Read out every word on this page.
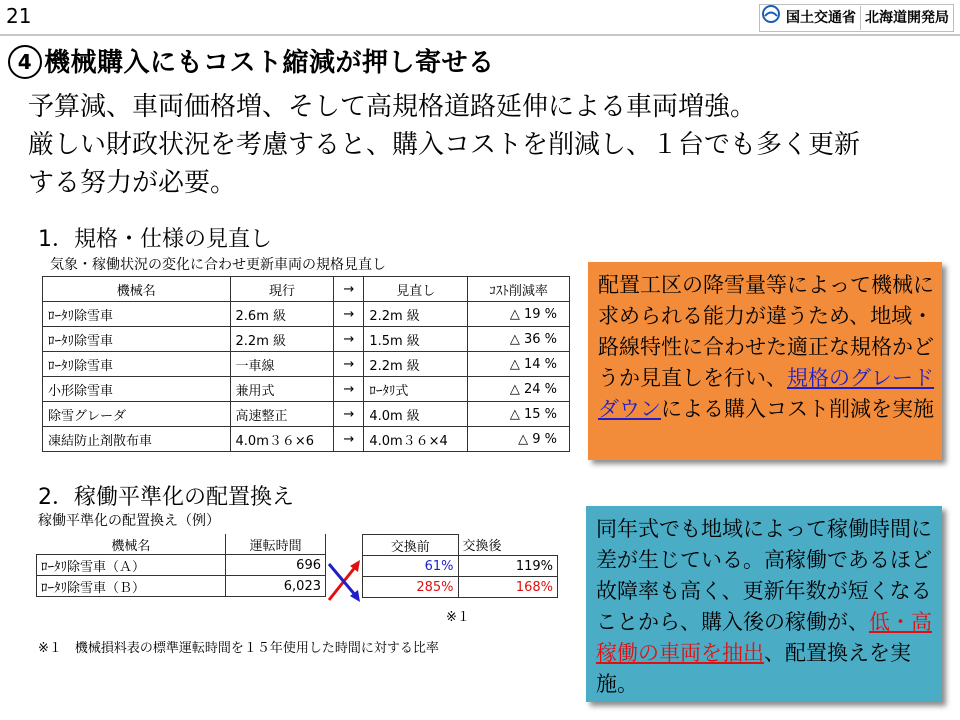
21	国土交通省 北海道開発局
4 機械購入にもコスト縮減が押し寄せる
予算減、車両価格増、そして高規格道路延伸による車両増強。
厳しい財政状況を考慮すると、購入コストを削減し、１台でも多く更新
する努力が必要。
1．規格・仕様の見直し
気象・稼働状況の変化に合わせ更新車両の規格見直し
機械名	現行	→	見直し	ｺｽﾄ削減率
ﾛｰﾀﾘ除雪車	2.6m 級	→	2.2m 級	△ 19 %
ﾛｰﾀﾘ除雪車	2.2m 級	→	1.5m 級	△ 36 %
ﾛｰﾀﾘ除雪車	一車線	→	2.2m 級	△ 14 %
小形除雪車	兼用式	→	ﾛｰﾀﾘ式	△ 24 %
除雪グレーダ	高速整正	→	4.0m 級	△ 15 %
凍結防止剤散布車	4.0m３６×6	→	4.0m３６×4	△ 9 %
配置工区の降雪量等によって機械に求められる能力が違うため、地域・路線特性に合わせた適正な規格かどうか見直しを行い、規格のグレードダウンによる購入コスト削減を実施
2．稼働平準化の配置換え
稼働平準化の配置換え（例）
機械名	運転時間
ﾛｰﾀﾘ除雪車（Ａ）	696
ﾛｰﾀﾘ除雪車（Ｂ）	6,023
交換前	交換後
61%	119%
285%	168%
※１
※１　機械損料表の標準運転時間を１５年使用した時間に対する比率
同年式でも地域によって稼働時間に差が生じている。高稼働であるほど故障率も高く、更新年数が短くなることから、購入後の稼働が、低・高稼働の車両を抽出、配置換えを実施。
